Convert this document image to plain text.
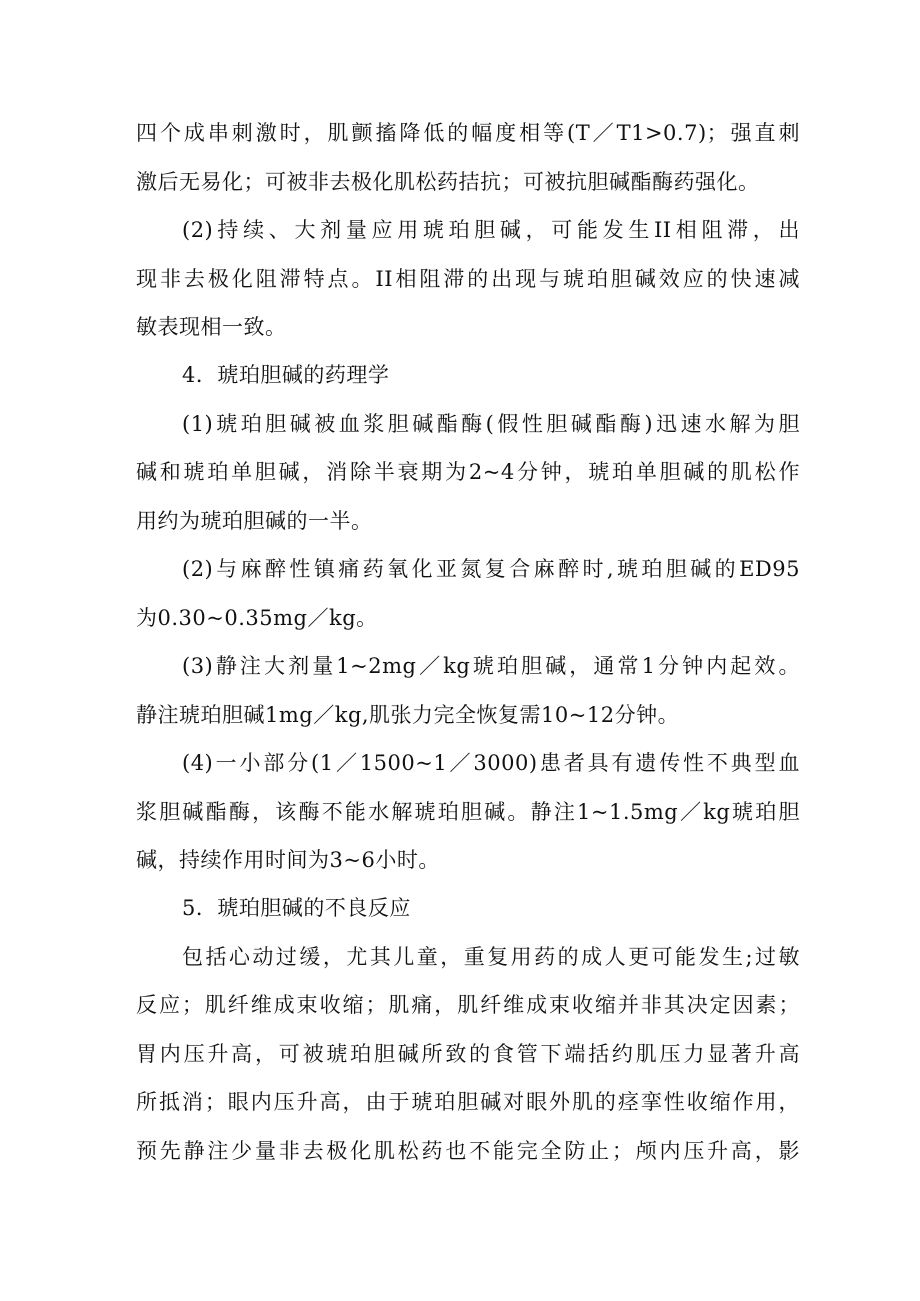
四个成串刺激时，肌颤搐降低的幅度相等(T／T1>0.7)；强直刺
激后无易化；可被非去极化肌松药拮抗；可被抗胆碱酯酶药强化。
(2)持续、大剂量应用琥珀胆碱，可能发生II相阻滞，出
现非去极化阻滞特点。II相阻滞的出现与琥珀胆碱效应的快速减
敏表现相一致。
4．琥珀胆碱的药理学
(1)琥珀胆碱被血浆胆碱酯酶(假性胆碱酯酶)迅速水解为胆
碱和琥珀单胆碱，消除半衰期为2~4分钟，琥珀单胆碱的肌松作
用约为琥珀胆碱的一半。
(2)与麻醉性镇痛药氧化亚氮复合麻醉时,琥珀胆碱的ED95
为0.30~0.35mg／kg。
(3)静注大剂量1~2mg／kg琥珀胆碱，通常1分钟内起效。
静注琥珀胆碱1mg／kg,肌张力完全恢复需10~12分钟。
(4)一小部分(1／1500~1／3000)患者具有遗传性不典型血
浆胆碱酯酶，该酶不能水解琥珀胆碱。静注1~1.5mg／kg琥珀胆
碱，持续作用时间为3~6小时。
5．琥珀胆碱的不良反应
包括心动过缓，尤其儿童，重复用药的成人更可能发生;过敏
反应；肌纤维成束收缩；肌痛，肌纤维成束收缩并非其决定因素；
胃内压升高，可被琥珀胆碱所致的食管下端括约肌压力显著升高
所抵消；眼内压升高，由于琥珀胆碱对眼外肌的痉挛性收缩作用，
预先静注少量非去极化肌松药也不能完全防止；颅内压升高，影
